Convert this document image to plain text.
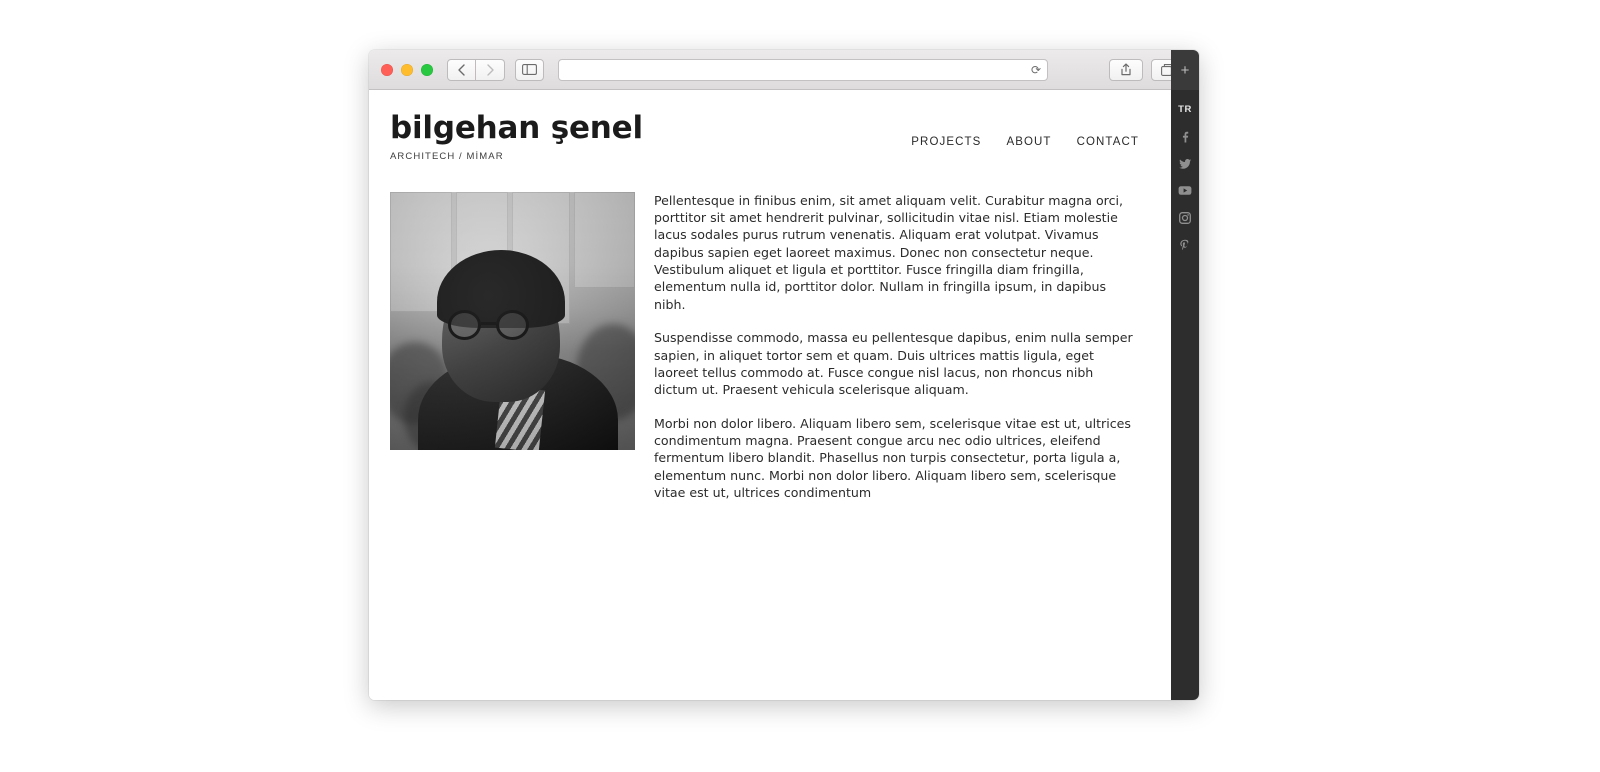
⟳	+
bilgehan şenel
ARCHITECH / MİMAR
PROJECTS ABOUT CONTACT

Pellentesque in finibus enim, sit amet aliquam velit. Curabitur magna orci, porttitor sit amet hendrerit pulvinar, sollicitudin vitae nisl. Etiam molestie lacus sodales purus rutrum venenatis. Aliquam erat volutpat. Vivamus dapibus sapien eget laoreet maximus. Donec non consectetur neque. Vestibulum aliquet et ligula et porttitor. Fusce fringilla diam fringilla, elementum nulla id, porttitor dolor. Nullam in fringilla ipsum, in dapibus nibh.

Suspendisse commodo, massa eu pellentesque dapibus, enim nulla semper sapien, in aliquet tortor sem et quam. Duis ultrices mattis ligula, eget laoreet tellus commodo at. Fusce congue nisl lacus, non rhoncus nibh dictum ut. Praesent vehicula scelerisque aliquam.

Morbi non dolor libero. Aliquam libero sem, scelerisque vitae est ut, ultrices condimentum magna. Praesent congue arcu nec odio ultrices, eleifend fermentum libero blandit. Phasellus non turpis consectetur, porta ligula a, elementum nunc. Morbi non dolor libero. Aliquam libero sem, scelerisque vitae est ut, ultrices condimentum

TR
